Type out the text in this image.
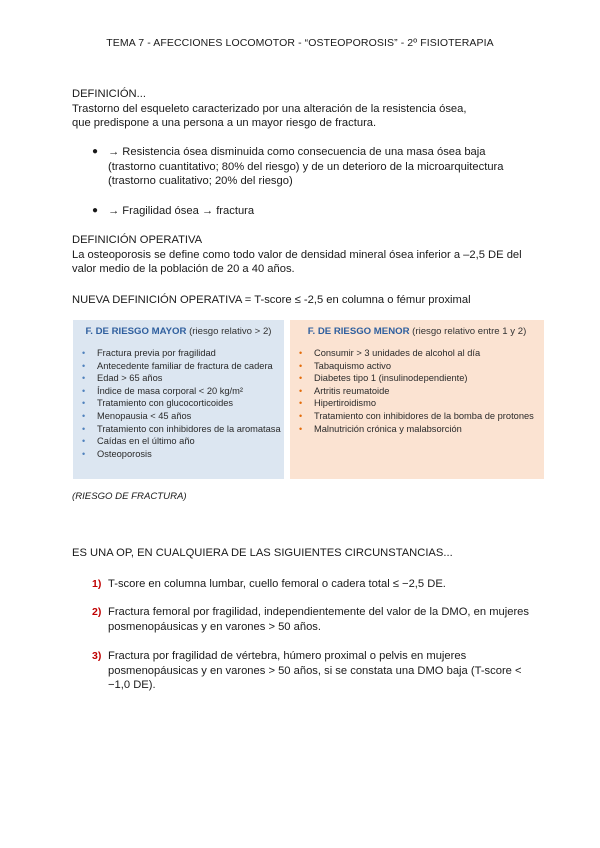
TEMA 7 - AFECCIONES LOCOMOTOR - “OSTEOPOROSIS” - 2º FISIOTERAPIA
DEFINICIÓN...
Trastorno del esqueleto caracterizado por una alteración de la resistencia ósea,
que predispone a una persona a un mayor riesgo de fractura.
● → Resistencia ósea disminuida como consecuencia de una masa ósea baja
(trastorno cuantitativo; 80% del riesgo) y de un deterioro de la microarquitectura
(trastorno cualitativo; 20% del riesgo)
● → Fragilidad ósea → fractura
DEFINICIÓN OPERATIVA
La osteoporosis se define como todo valor de densidad mineral ósea inferior a –2,5 DE del
valor medio de la población de 20 a 40 años.
NUEVA DEFINICIÓN OPERATIVA = T-score ≤ -2,5 en columna o fémur proximal
F. DE RIESGO MAYOR (riesgo relativo > 2)
• Fractura previa por fragilidad
• Antecedente familiar de fractura de cadera
• Edad > 65 años
• Índice de masa corporal < 20 kg/m²
• Tratamiento con glucocorticoides
• Menopausia < 45 años
• Tratamiento con inhibidores de la aromatasa
• Caídas en el último año
• Osteoporosis
F. DE RIESGO MENOR (riesgo relativo entre 1 y 2)
• Consumir > 3 unidades de alcohol al día
• Tabaquismo activo
• Diabetes tipo 1 (insulinodependiente)
• Artritis reumatoide
• Hipertiroidismo
• Tratamiento con inhibidores de la bomba de protones
• Malnutrición crónica y malabsorción
(RIESGO DE FRACTURA)
ES UNA OP, EN CUALQUIERA DE LAS SIGUIENTES CIRCUNSTANCIAS...
1) T-score en columna lumbar, cuello femoral o cadera total ≤ −2,5 DE.
2) Fractura femoral por fragilidad, independientemente del valor de la DMO, en mujeres
posmenopáusicas y en varones > 50 años.
3) Fractura por fragilidad de vértebra, húmero proximal o pelvis en mujeres
posmenopáusicas y en varones > 50 años, si se constata una DMO baja (T-score <
−1,0 DE).
